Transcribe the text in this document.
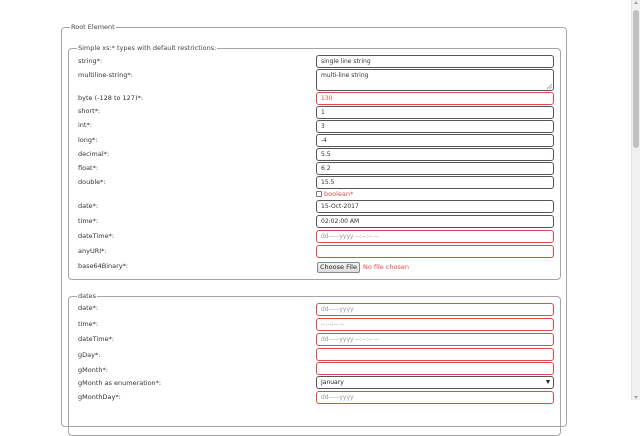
Root Element
Simple xs:* types with default restrictions:
string*:	single line string
multiline-string*:	multi-line string
byte (-128 to 127)*:	130
short*:	1
int*:	3
long*:	-4
decimal*:	5.5
float*:	6.2
double*:	15.5
boolean*
date*:	15-Oct-2017
time*:	02:02:00 AM
dateTime*:	dd-----yyyy --:--:-- --
anyURI*:
base64Binary*:	Choose File No file chosen
dates
date*:	dd-----yyyy
time*:	--:--:-- --
dateTime*:	dd-----yyyy --:--:-- --
gDay*:
gMonth*:
gMonth as enumeration*:	January
gMonthDay*:	dd-----yyyy
